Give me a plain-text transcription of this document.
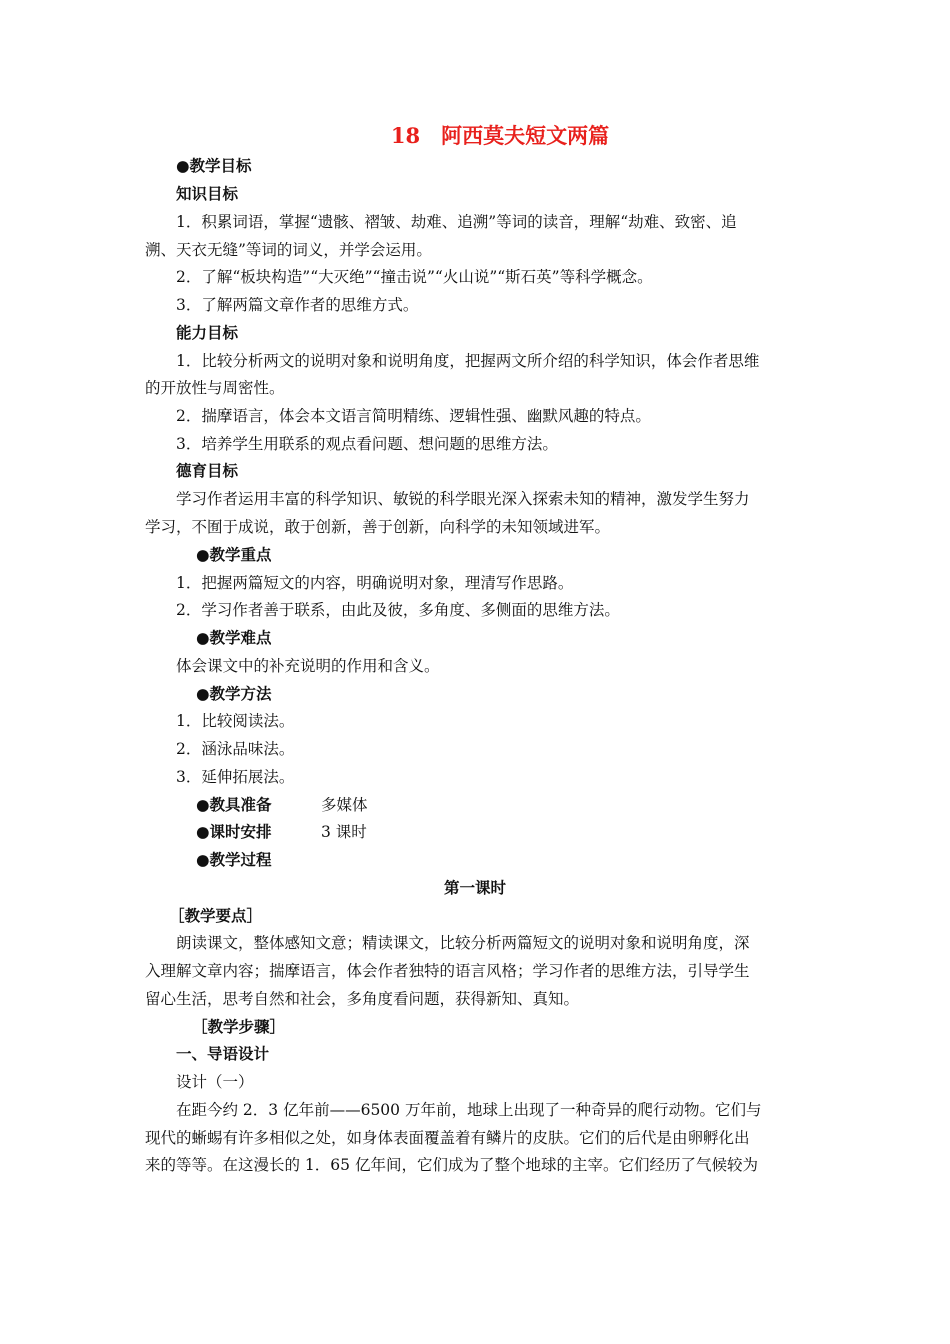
18　阿西莫夫短文两篇
●教学目标
知识目标
1．积累词语，掌握“遗骸、褶皱、劫难、追溯”等词的读音，理解“劫难、致密、追
溯、天衣无缝”等词的词义，并学会运用。
2．了解“板块构造”“大灭绝”“撞击说”“火山说”“斯石英”等科学概念。
3．了解两篇文章作者的思维方式。
能力目标
1．比较分析两文的说明对象和说明角度，把握两文所介绍的科学知识，体会作者思维
的开放性与周密性。
2．揣摩语言，体会本文语言简明精练、逻辑性强、幽默风趣的特点。
3．培养学生用联系的观点看问题、想问题的思维方法。
德育目标
学习作者运用丰富的科学知识、敏锐的科学眼光深入探索未知的精神，激发学生努力
学习，不囿于成说，敢于创新，善于创新，向科学的未知领域进军。
●教学重点
1．把握两篇短文的内容，明确说明对象，理清写作思路。
2．学习作者善于联系，由此及彼，多角度、多侧面的思维方法。
●教学难点
体会课文中的补充说明的作用和含义。
●教学方法
1．比较阅读法。
2．涵泳品味法。
3．延伸拓展法。
●教具准备	多媒体
●课时安排	3 课时
●教学过程
第一课时
［教学要点］
朗读课文，整体感知文意；精读课文，比较分析两篇短文的说明对象和说明角度，深
入理解文章内容；揣摩语言，体会作者独特的语言风格；学习作者的思维方法，引导学生
留心生活，思考自然和社会，多角度看问题，获得新知、真知。
［教学步骤］
一、导语设计
设计（一）
在距今约 2．3 亿年前——6500 万年前，地球上出现了一种奇异的爬行动物。它们与
现代的蜥蜴有许多相似之处，如身体表面覆盖着有鳞片的皮肤。它们的后代是由卵孵化出
来的等等。在这漫长的 1．65 亿年间，它们成为了整个地球的主宰。它们经历了气候较为
